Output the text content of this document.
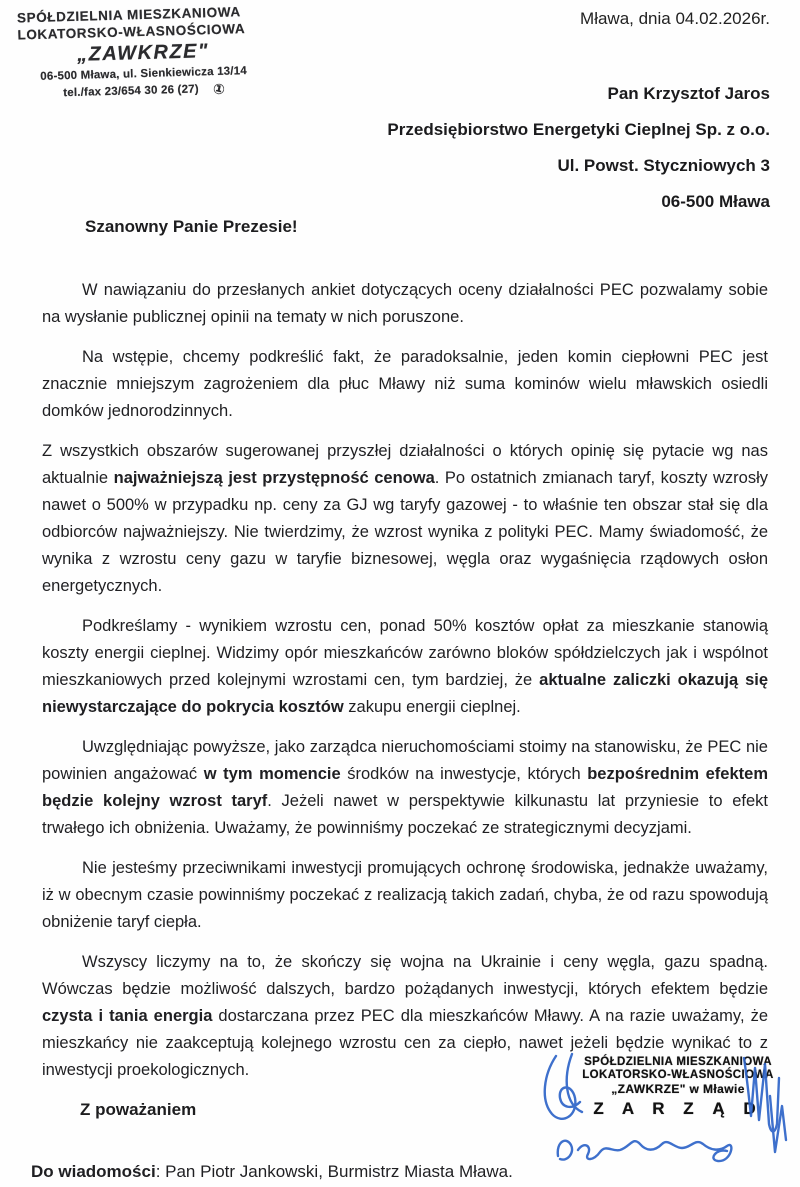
SPÓŁDZIELNIA MIESZKANIOWA
LOKATORSKO-WŁASNOŚCIOWA
„ZAWKRZE"
06-500 Mława, ul. Sienkiewicza 13/14
tel./fax 23/654 30 26 (27) ①
Mława, dnia 04.02.2026r.
Pan Krzysztof Jaros
Przedsiębiorstwo Energetyki Cieplnej Sp. z o.o.
Ul. Powst. Styczniowych 3
06-500 Mława
Szanowny Panie Prezesie!

W nawiązaniu do przesłanych ankiet dotyczących oceny działalności PEC pozwalamy sobie na wysłanie publicznej opinii na tematy w nich poruszone.

Na wstępie, chcemy podkreślić fakt, że paradoksalnie, jeden komin ciepłowni PEC jest znacznie mniejszym zagrożeniem dla płuc Mławy niż suma kominów wielu mławskich osiedli domków jednorodzinnych.

Z wszystkich obszarów sugerowanej przyszłej działalności o których opinię się pytacie wg nas aktualnie najważniejszą jest przystępność cenowa. Po ostatnich zmianach taryf, koszty wzrosły nawet o 500% w przypadku np. ceny za GJ wg taryfy gazowej - to właśnie ten obszar stał się dla odbiorców najważniejszy. Nie twierdzimy, że wzrost wynika z polityki PEC. Mamy świadomość, że wynika z wzrostu ceny gazu w taryfie biznesowej, węgla oraz wygaśnięcia rządowych osłon energetycznych.

Podkreślamy - wynikiem wzrostu cen, ponad 50% kosztów opłat za mieszkanie stanowią koszty energii cieplnej. Widzimy opór mieszkańców zarówno bloków spółdzielczych jak i wspólnot mieszkaniowych przed kolejnymi wzrostami cen, tym bardziej, że aktualne zaliczki okazują się niewystarczające do pokrycia kosztów zakupu energii cieplnej.

Uwzględniając powyższe, jako zarządca nieruchomościami stoimy na stanowisku, że PEC nie powinien angażować w tym momencie środków na inwestycje, których bezpośrednim efektem będzie kolejny wzrost taryf. Jeżeli nawet w perspektywie kilkunastu lat przyniesie to efekt trwałego ich obniżenia. Uważamy, że powinniśmy poczekać ze strategicznymi decyzjami.

Nie jesteśmy przeciwnikami inwestycji promujących ochronę środowiska, jednakże uważamy, iż w obecnym czasie powinniśmy poczekać z realizacją takich zadań, chyba, że od razu spowodują obniżenie taryf ciepła.

Wszyscy liczymy na to, że skończy się wojna na Ukrainie i ceny węgla, gazu spadną. Wówczas będzie możliwość dalszych, bardzo pożądanych inwestycji, których efektem będzie czysta i tania energia dostarczana przez PEC dla mieszkańców Mławy. A na razie uważamy, że mieszkańcy nie zaakceptują kolejnego wzrostu cen za ciepło, nawet jeżeli będzie wynikać to z inwestycji proekologicznych.

Z poważaniem
SPÓŁDZIELNIA MIESZKANIOWA
LOKATORSKO-WŁASNOŚCIOWA
„ZAWKRZE" w Mławie
Z A R Z Ą D
Do wiadomości: Pan Piotr Jankowski, Burmistrz Miasta Mława.
